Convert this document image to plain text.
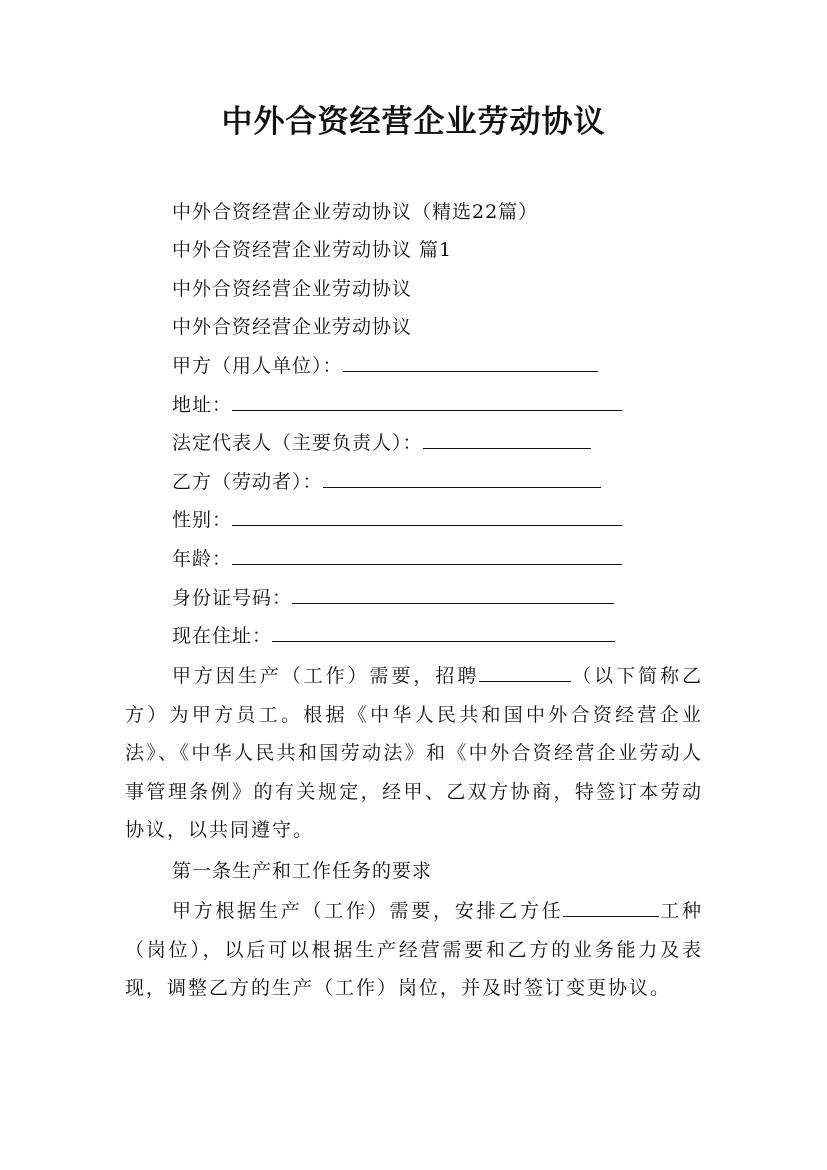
中外合资经营企业劳动协议
中外合资经营企业劳动协议（精选22篇）
中外合资经营企业劳动协议 篇1
中外合资经营企业劳动协议
中外合资经营企业劳动协议
甲方（用人单位）：
地址：
法定代表人（主要负责人）：
乙方（劳动者）：
性别：
年龄：
身份证号码：
现在住址：
甲方因生产（工作）需要，招聘	（以下简称乙方）为甲方员工。根据《中华人民共和国中外合资经营企业法》、《中华人民共和国劳动法》和《中外合资经营企业劳动人事管理条例》的有关规定，经甲、乙双方协商，特签订本劳动协议，以共同遵守。
第一条生产和工作任务的要求
甲方根据生产（工作）需要，安排乙方任	工种（岗位），以后可以根据生产经营需要和乙方的业务能力及表现，调整乙方的生产（工作）岗位，并及时签订变更协议。
